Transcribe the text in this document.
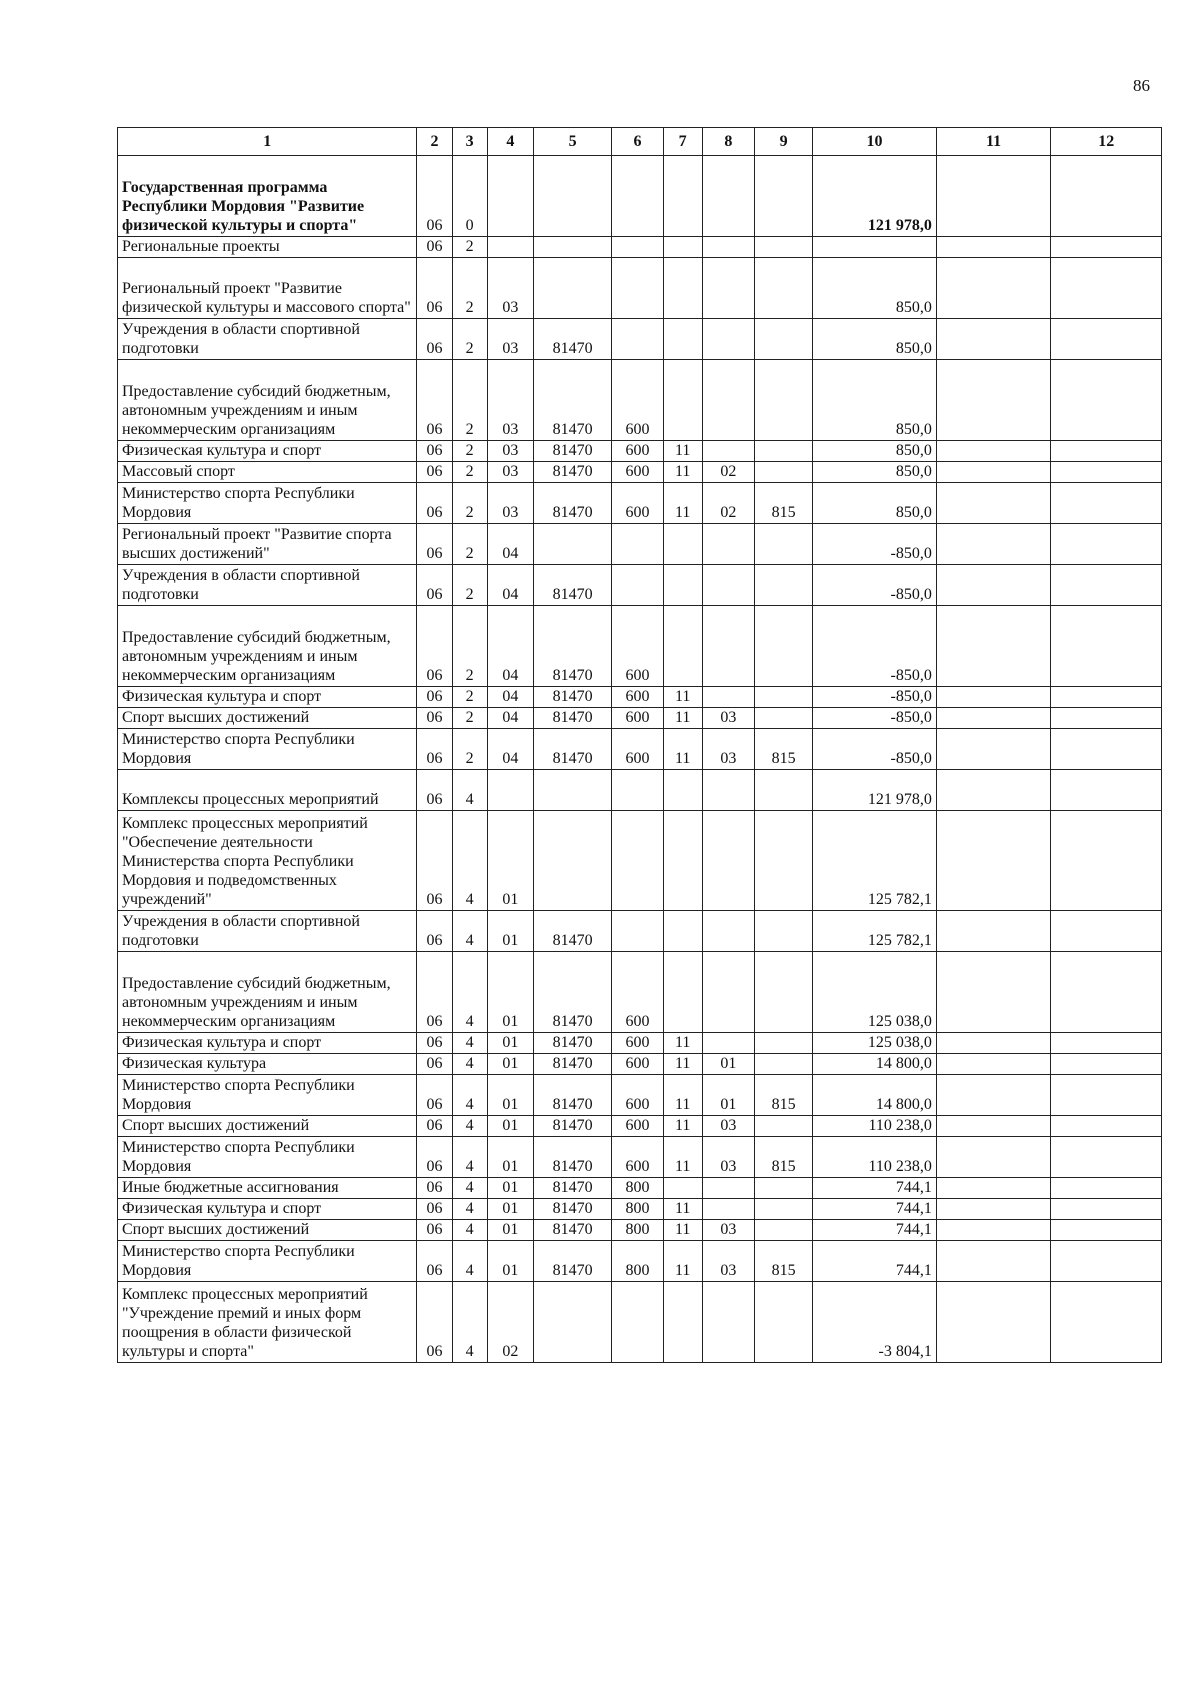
86
1	2	3	4	5	6	7	8	9	10	11	12
Государственная программа Республики Мордовия "Развитие физической культуры и спорта"	06	0							121 978,0		
Региональные проекты	06	2									
Региональный проект "Развитие физической культуры и массового спорта"	06	2	03						850,0		
Учреждения в области спортивной подготовки	06	2	03	81470					850,0		
Предоставление субсидий бюджетным, автономным учреждениям и иным некоммерческим организациям	06	2	03	81470	600				850,0		
Физическая культура и спорт	06	2	03	81470	600	11			850,0		
Массовый спорт	06	2	03	81470	600	11	02		850,0		
Министерство спорта Республики Мордовия	06	2	03	81470	600	11	02	815	850,0		
Региональный проект "Развитие спорта высших достижений"	06	2	04						-850,0		
Учреждения в области спортивной подготовки	06	2	04	81470					-850,0		
Предоставление субсидий бюджетным, автономным учреждениям и иным некоммерческим организациям	06	2	04	81470	600				-850,0		
Физическая культура и спорт	06	2	04	81470	600	11			-850,0		
Спорт высших достижений	06	2	04	81470	600	11	03		-850,0		
Министерство спорта Республики Мордовия	06	2	04	81470	600	11	03	815	-850,0		
Комплексы процессных мероприятий	06	4							121 978,0		
Комплекс процессных мероприятий "Обеспечение деятельности Министерства спорта Республики Мордовия и подведомственных учреждений"	06	4	01						125 782,1		
Учреждения в области спортивной подготовки	06	4	01	81470					125 782,1		
Предоставление субсидий бюджетным, автономным учреждениям и иным некоммерческим организациям	06	4	01	81470	600				125 038,0		
Физическая культура и спорт	06	4	01	81470	600	11			125 038,0		
Физическая культура	06	4	01	81470	600	11	01		14 800,0		
Министерство спорта Республики Мордовия	06	4	01	81470	600	11	01	815	14 800,0		
Спорт высших достижений	06	4	01	81470	600	11	03		110 238,0		
Министерство спорта Республики Мордовия	06	4	01	81470	600	11	03	815	110 238,0		
Иные бюджетные ассигнования	06	4	01	81470	800				744,1		
Физическая культура и спорт	06	4	01	81470	800	11			744,1		
Спорт высших достижений	06	4	01	81470	800	11	03		744,1		
Министерство спорта Республики Мордовия	06	4	01	81470	800	11	03	815	744,1		
Комплекс процессных мероприятий "Учреждение премий и иных форм поощрения в области физической культуры и спорта"	06	4	02						-3 804,1		
